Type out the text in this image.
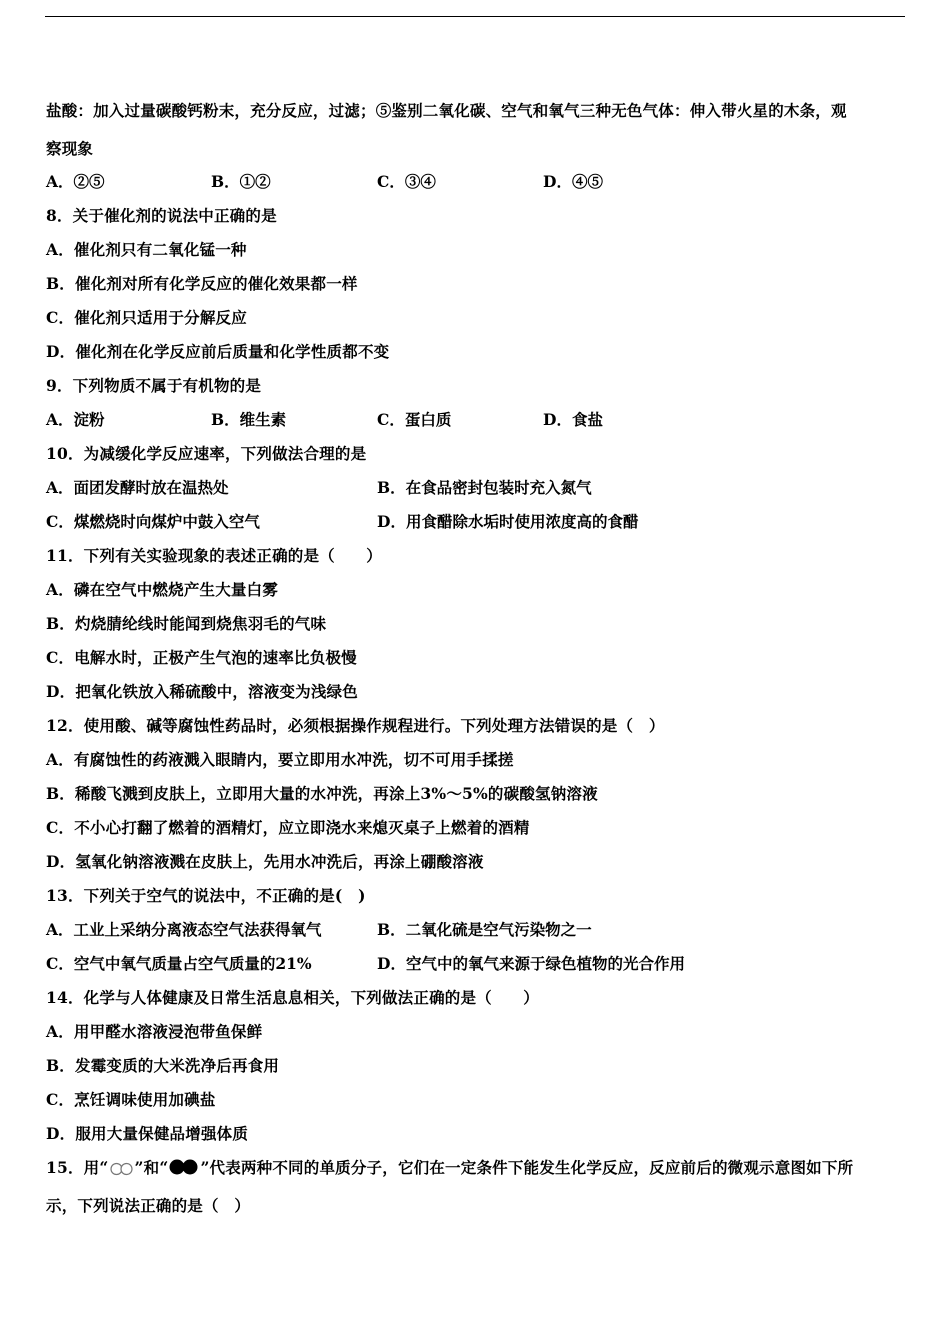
盐酸：加入过量碳酸钙粉末，充分反应，过滤；⑤鉴别二氧化碳、空气和氧气三种无色气体：伸入带火星的木条，观
察现象
A．②⑤	B．①②	C．③④	D．④⑤
8．关于催化剂的说法中正确的是
A．催化剂只有二氧化锰一种
B．催化剂对所有化学反应的催化效果都一样
C．催化剂只适用于分解反应
D．催化剂在化学反应前后质量和化学性质都不变
9．下列物质不属于有机物的是
A．淀粉	B．维生素	C．蛋白质	D．食盐
10．为减缓化学反应速率，下列做法合理的是
A．面团发酵时放在温热处	B．在食品密封包装时充入氮气
C．煤燃烧时向煤炉中鼓入空气	D．用食醋除水垢时使用浓度高的食醋
11．下列有关实验现象的表述正确的是（　　）
A．磷在空气中燃烧产生大量白雾
B．灼烧腈纶线时能闻到烧焦羽毛的气味
C．电解水时，正极产生气泡的速率比负极慢
D．把氧化铁放入稀硫酸中，溶液变为浅绿色
12．使用酸、碱等腐蚀性药品时，必须根据操作规程进行。下列处理方法错误的是（　）
A．有腐蚀性的药液溅入眼睛内，要立即用水冲洗，切不可用手揉搓
B．稀酸飞溅到皮肤上，立即用大量的水冲洗，再涂上3%～5%的碳酸氢钠溶液
C．不小心打翻了燃着的酒精灯，应立即浇水来熄灭桌子上燃着的酒精
D．氢氧化钠溶液溅在皮肤上，先用水冲洗后，再涂上硼酸溶液
13．下列关于空气的说法中，不正确的是(　)
A．工业上采纳分离液态空气法获得氧气	B．二氧化硫是空气污染物之一
C．空气中氧气质量占空气质量的21%	D．空气中的氧气来源于绿色植物的光合作用
14．化学与人体健康及日常生活息息相关，下列做法正确的是（　　）
A．用甲醛水溶液浸泡带鱼保鲜
B．发霉变质的大米洗净后再食用
C．烹饪调味使用加碘盐
D．服用大量保健品增强体质
15．用“ ”和“ ”代表两种不同的单质分子，它们在一定条件下能发生化学反应，反应前后的微观示意图如下所
示，下列说法正确的是（　）
